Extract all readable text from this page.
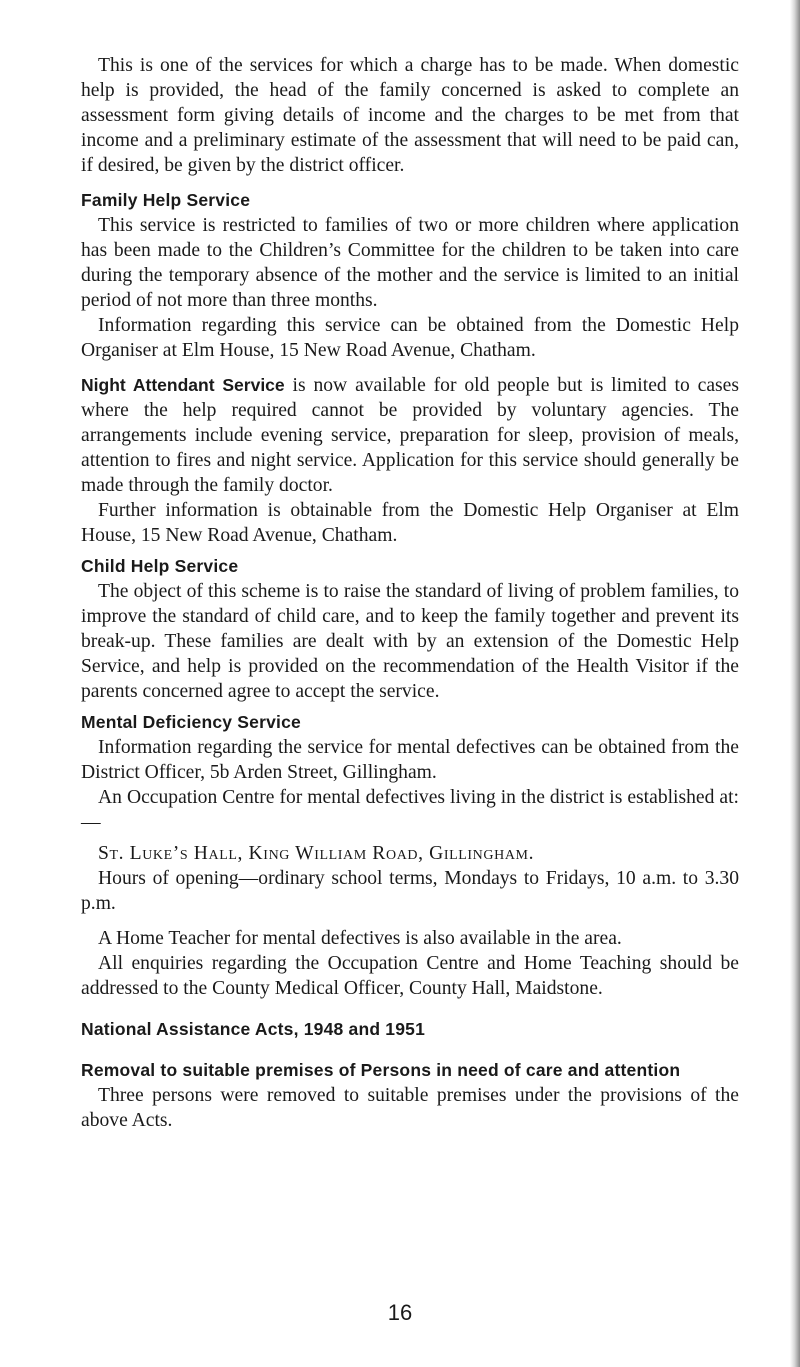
This is one of the services for which a charge has to be made. When domestic help is provided, the head of the family concerned is asked to complete an assessment form giving details of income and the charges to be met from that income and a preliminary estimate of the assessment that will need to be paid can, if desired, be given by the district officer.

Family Help Service

This service is restricted to families of two or more children where application has been made to the Children’s Committee for the children to be taken into care during the temporary absence of the mother and the service is limited to an initial period of not more than three months.

Information regarding this service can be obtained from the Domestic Help Organiser at Elm House, 15 New Road Avenue, Chatham.

Night Attendant Service is now available for old people but is limited to cases where the help required cannot be provided by voluntary agencies. The arrangements include evening service, preparation for sleep, provision of meals, attention to fires and night service. Application for this service should generally be made through the family doctor.

Further information is obtainable from the Domestic Help Organiser at Elm House, 15 New Road Avenue, Chatham.

Child Help Service

The object of this scheme is to raise the standard of living of problem families, to improve the standard of child care, and to keep the family together and prevent its break-up. These families are dealt with by an extension of the Domestic Help Service, and help is provided on the recommendation of the Health Visitor if the parents concerned agree to accept the service.

Mental Deficiency Service

Information regarding the service for mental defectives can be obtained from the District Officer, 5b Arden Street, Gillingham.

An Occupation Centre for mental defectives living in the district is established at:—

St. Luke’s Hall, King William Road, Gillingham.

Hours of opening—ordinary school terms, Mondays to Fridays, 10 a.m. to 3.30 p.m.

A Home Teacher for mental defectives is also available in the area.

All enquiries regarding the Occupation Centre and Home Teaching should be addressed to the County Medical Officer, County Hall, Maidstone.

National Assistance Acts, 1948 and 1951

Removal to suitable premises of Persons in need of care and attention

Three persons were removed to suitable premises under the provisions of the above Acts.

16
